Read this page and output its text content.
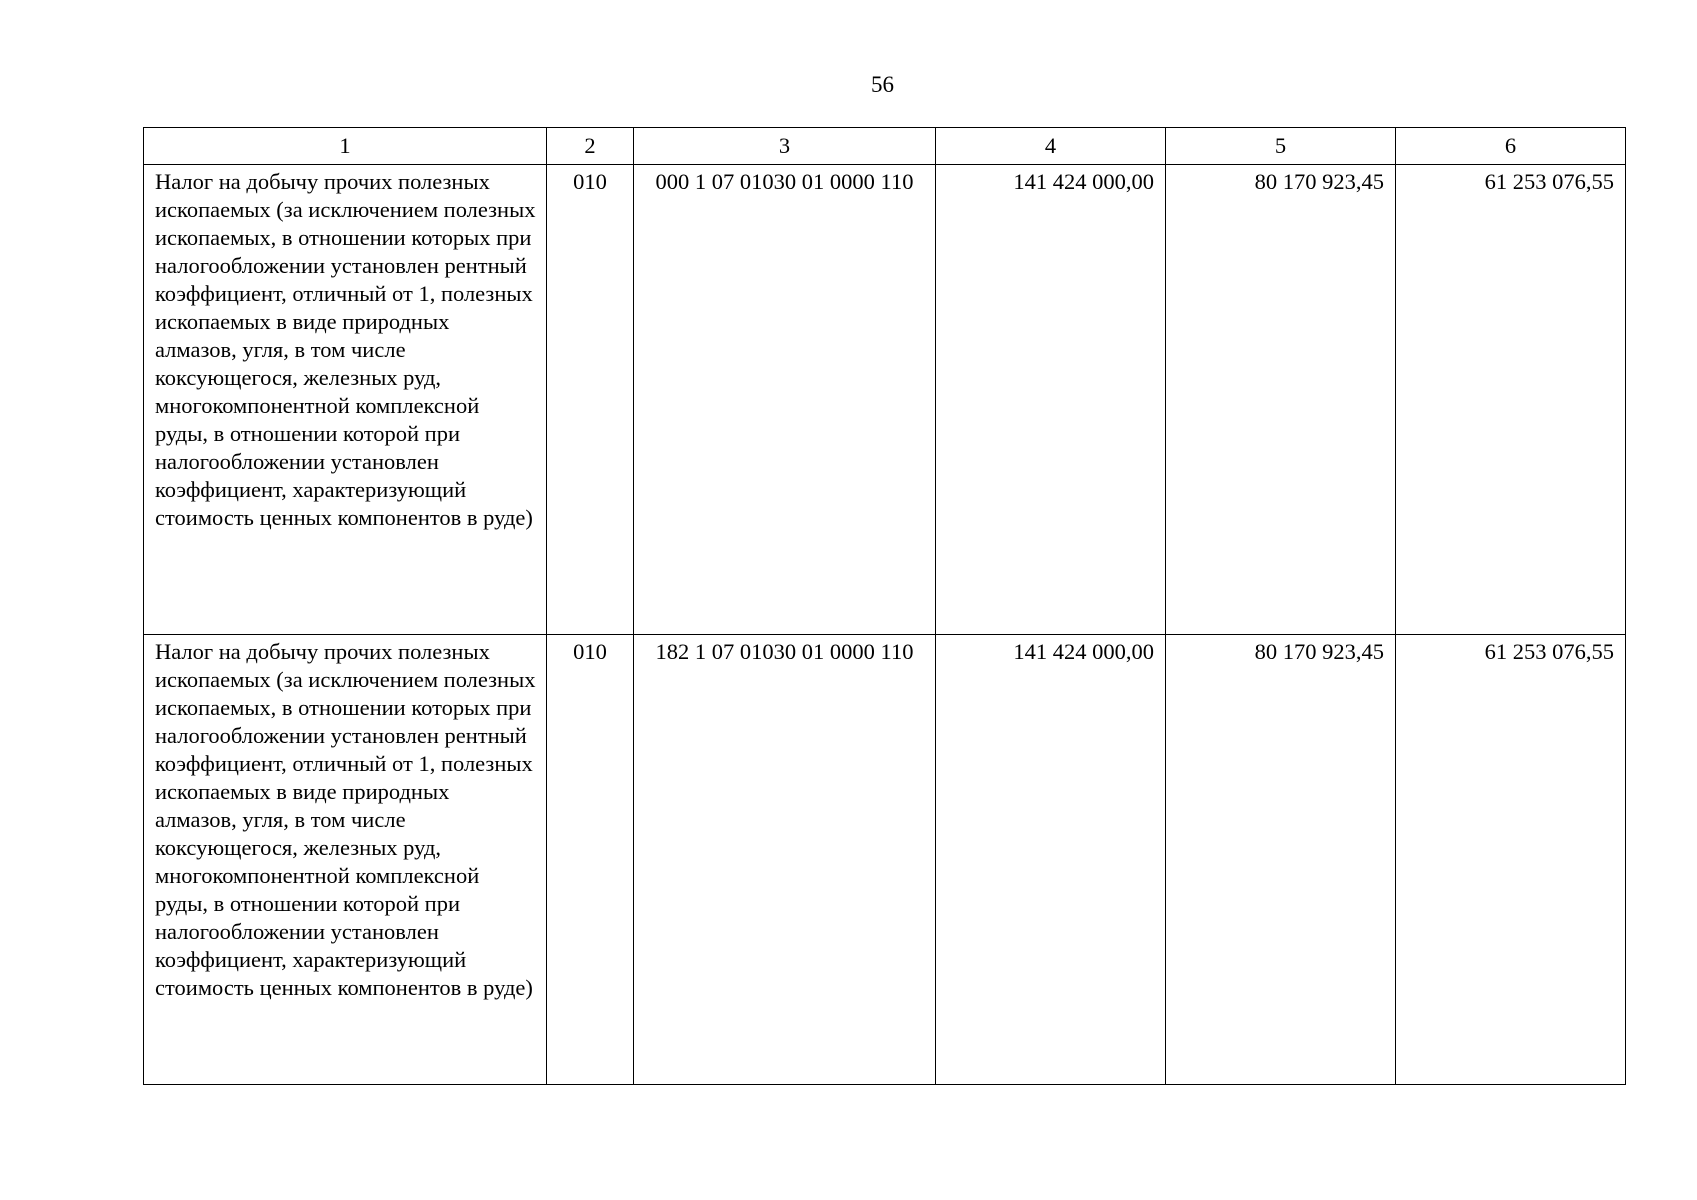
56
1	2	3	4	5	6
Налог на добычу прочих полезных ископаемых (за исключением полезных ископаемых, в отношении которых при налогообложении установлен рентный коэффициент, отличный от 1, полезных ископаемых в виде природных алмазов, угля, в том числе коксующегося, железных руд, многокомпонентной комплексной руды, в отношении которой при налогообложении установлен коэффициент, характеризующий стоимость ценных компонентов в руде)	010	000 1 07 01030 01 0000 110	141 424 000,00	80 170 923,45	61 253 076,55
Налог на добычу прочих полезных ископаемых (за исключением полезных ископаемых, в отношении которых при налогообложении установлен рентный коэффициент, отличный от 1, полезных ископаемых в виде природных алмазов, угля, в том числе коксующегося, железных руд, многокомпонентной комплексной руды, в отношении которой при налогообложении установлен коэффициент, характеризующий стоимость ценных компонентов в руде)	010	182 1 07 01030 01 0000 110	141 424 000,00	80 170 923,45	61 253 076,55
